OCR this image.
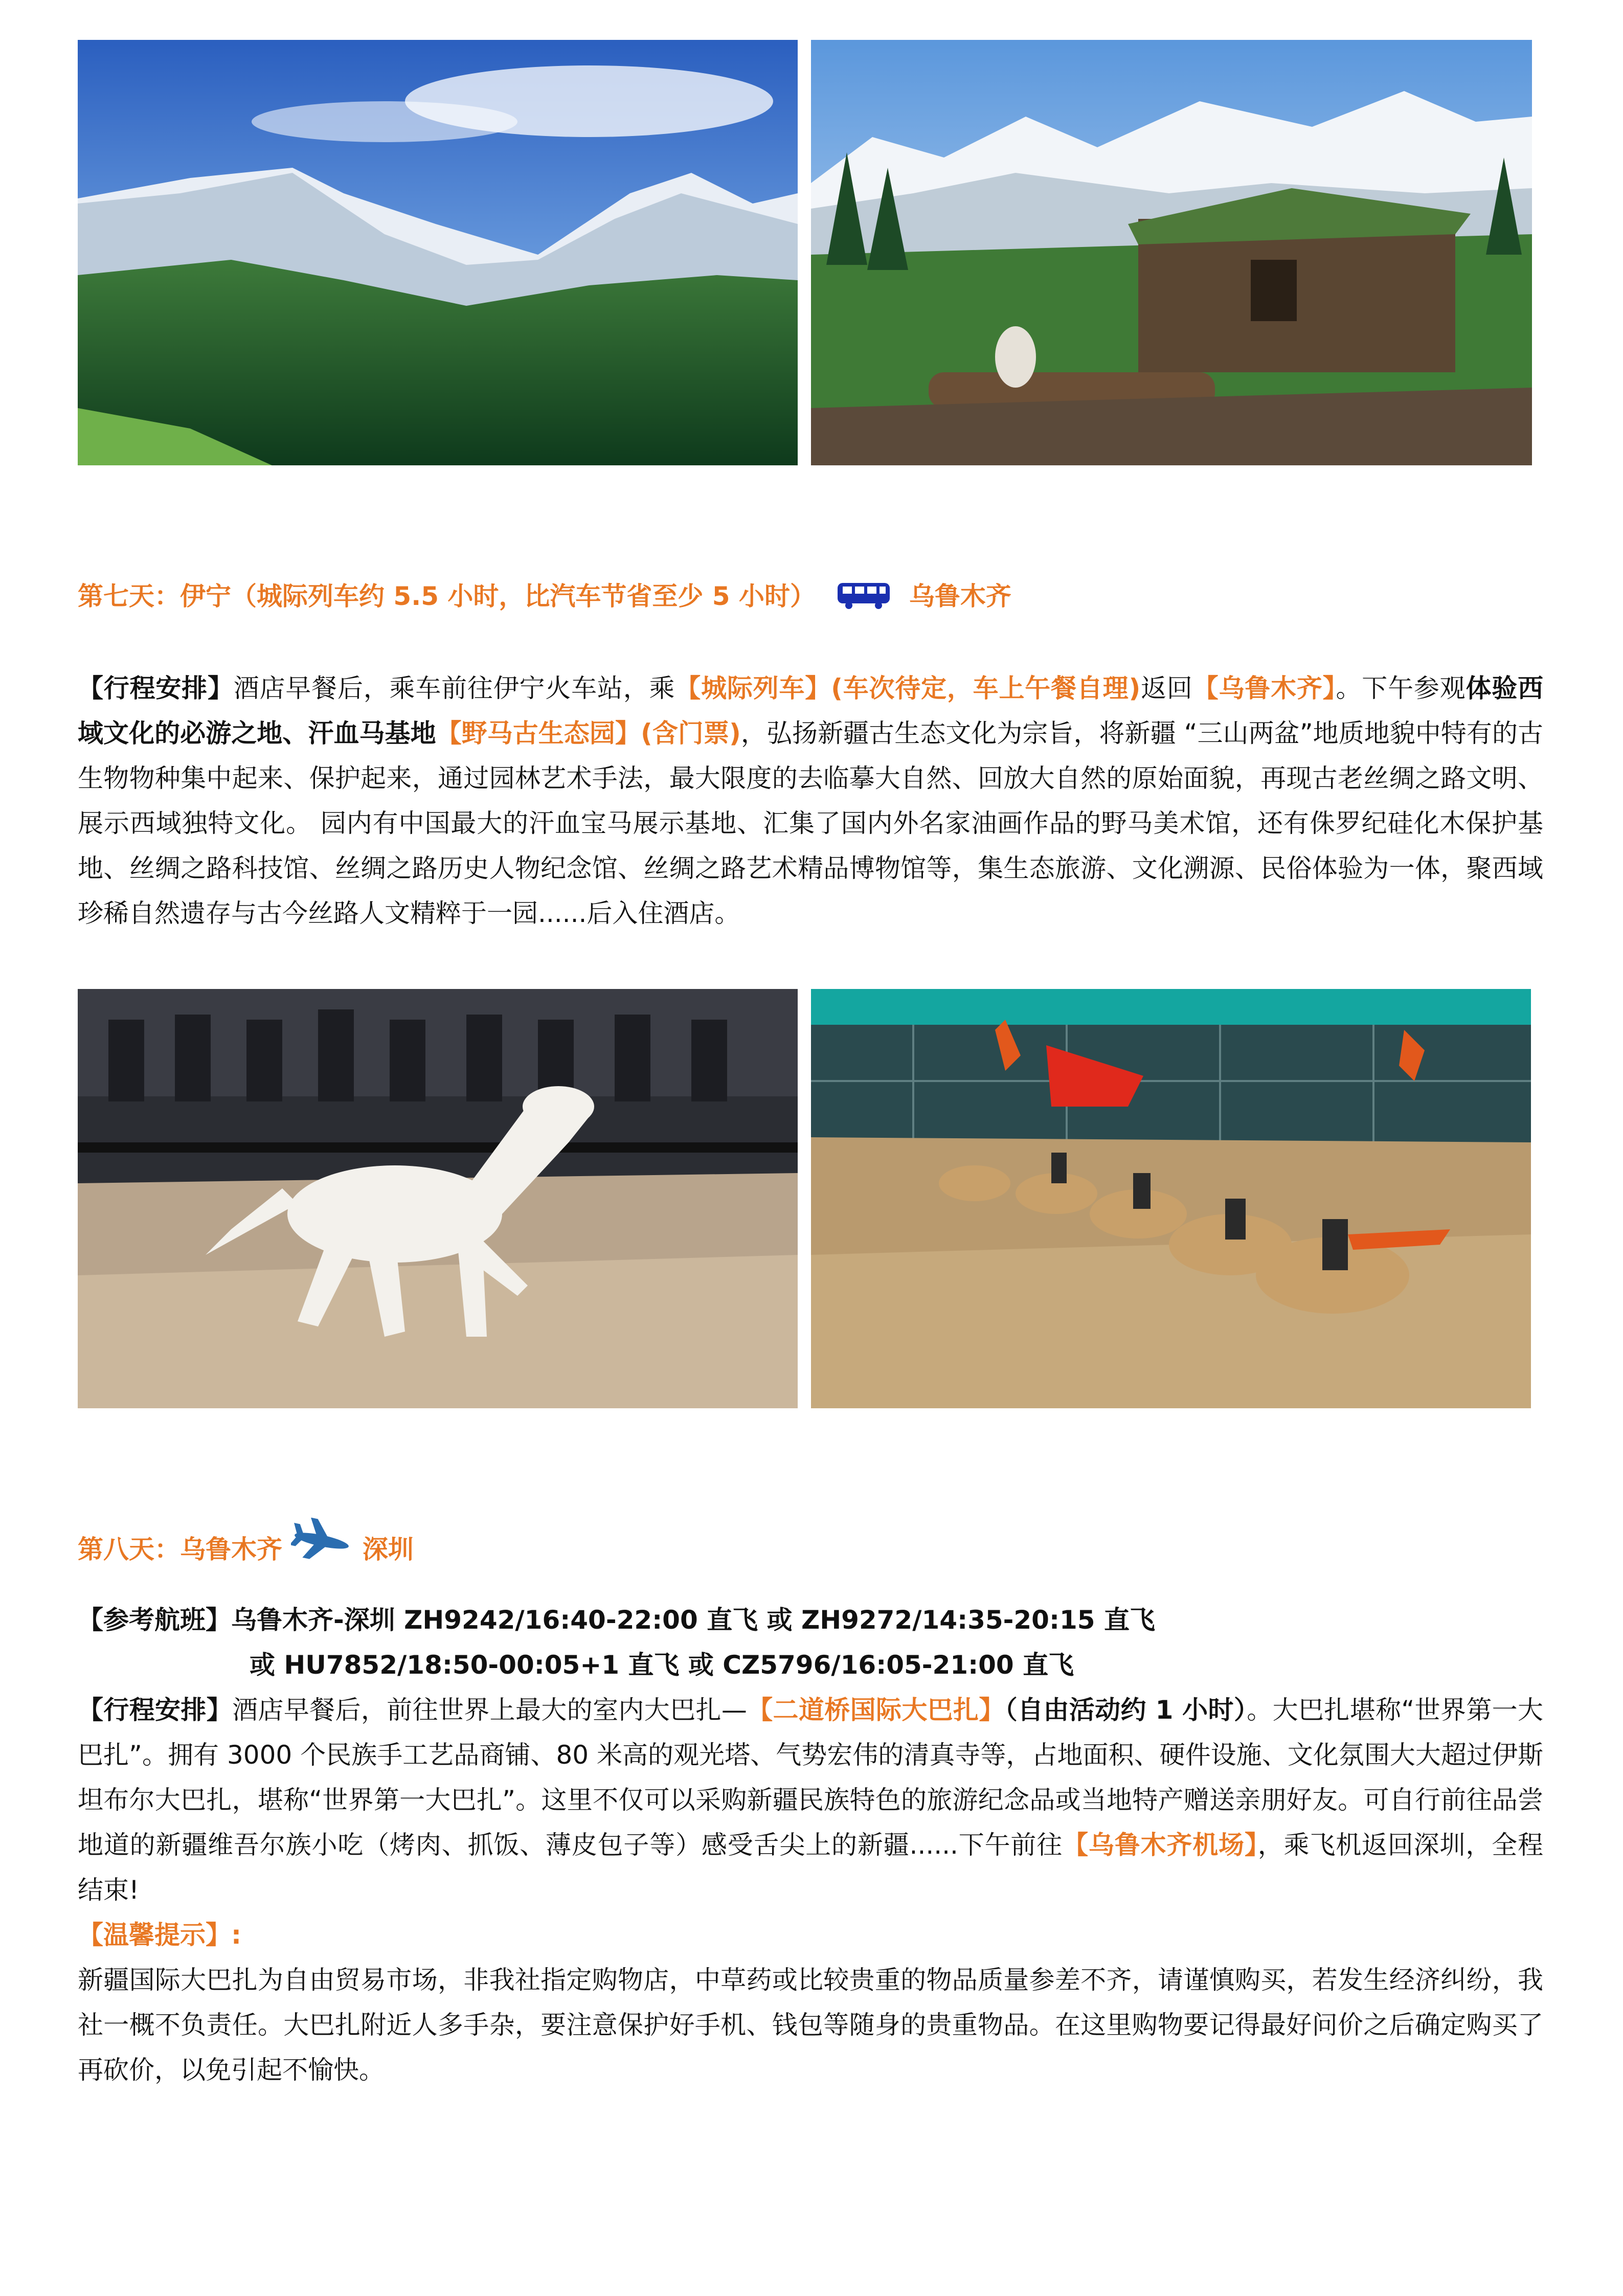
第七天：伊宁（城际列车约 5.5 小时，比汽车节省至少 5 小时）	乌鲁木齐

【行程安排】酒店早餐后，乘车前往伊宁火车站，乘【城际列车】(车次待定，车上午餐自理)返回【乌鲁木齐】。下午参观体验西域文化的必游之地、汗血马基地【野马古生态园】(含门票)，弘扬新疆古生态文化为宗旨，将新疆 “三山两盆”地质地貌中特有的古生物物种集中起来、保护起来，通过园林艺术手法，最大限度的去临摹大自然、回放大自然的原始面貌，再现古老丝绸之路文明、展示西域独特文化。 园内有中国最大的汗血宝马展示基地、汇集了国内外名家油画作品的野马美术馆，还有侏罗纪硅化木保护基地、丝绸之路科技馆、丝绸之路历史人物纪念馆、丝绸之路艺术精品博物馆等，集生态旅游、文化溯源、民俗体验为一体，聚西域珍稀自然遗存与古今丝路人文精粹于一园......后入住酒店。

第八天：乌鲁木齐	深圳
【参考航班】乌鲁木齐-深圳 ZH9242/16:40-22:00 直飞 或 ZH9272/14:35-20:15 直飞
或 HU7852/18:50-00:05+1 直飞 或 CZ5796/16:05-21:00 直飞

【行程安排】酒店早餐后，前往世界上最大的室内大巴扎—【二道桥国际大巴扎】（自由活动约 1 小时）。大巴扎堪称“世界第一大巴扎”。拥有 3000 个民族手工艺品商铺、80 米高的观光塔、气势宏伟的清真寺等，占地面积、硬件设施、文化氛围大大超过伊斯坦布尔大巴扎，堪称“世界第一大巴扎”。这里不仅可以采购新疆民族特色的旅游纪念品或当地特产赠送亲朋好友。可自行前往品尝地道的新疆维吾尔族小吃（烤肉、抓饭、薄皮包子等）感受舌尖上的新疆......下午前往【乌鲁木齐机场】，乘飞机返回深圳，全程结束!

【温馨提示】:

新疆国际大巴扎为自由贸易市场，非我社指定购物店，中草药或比较贵重的物品质量参差不齐，请谨慎购买，若发生经济纠纷，我社一概不负责任。大巴扎附近人多手杂，要注意保护好手机、钱包等随身的贵重物品。在这里购物要记得最好问价之后确定购买了再砍价，以免引起不愉快。
